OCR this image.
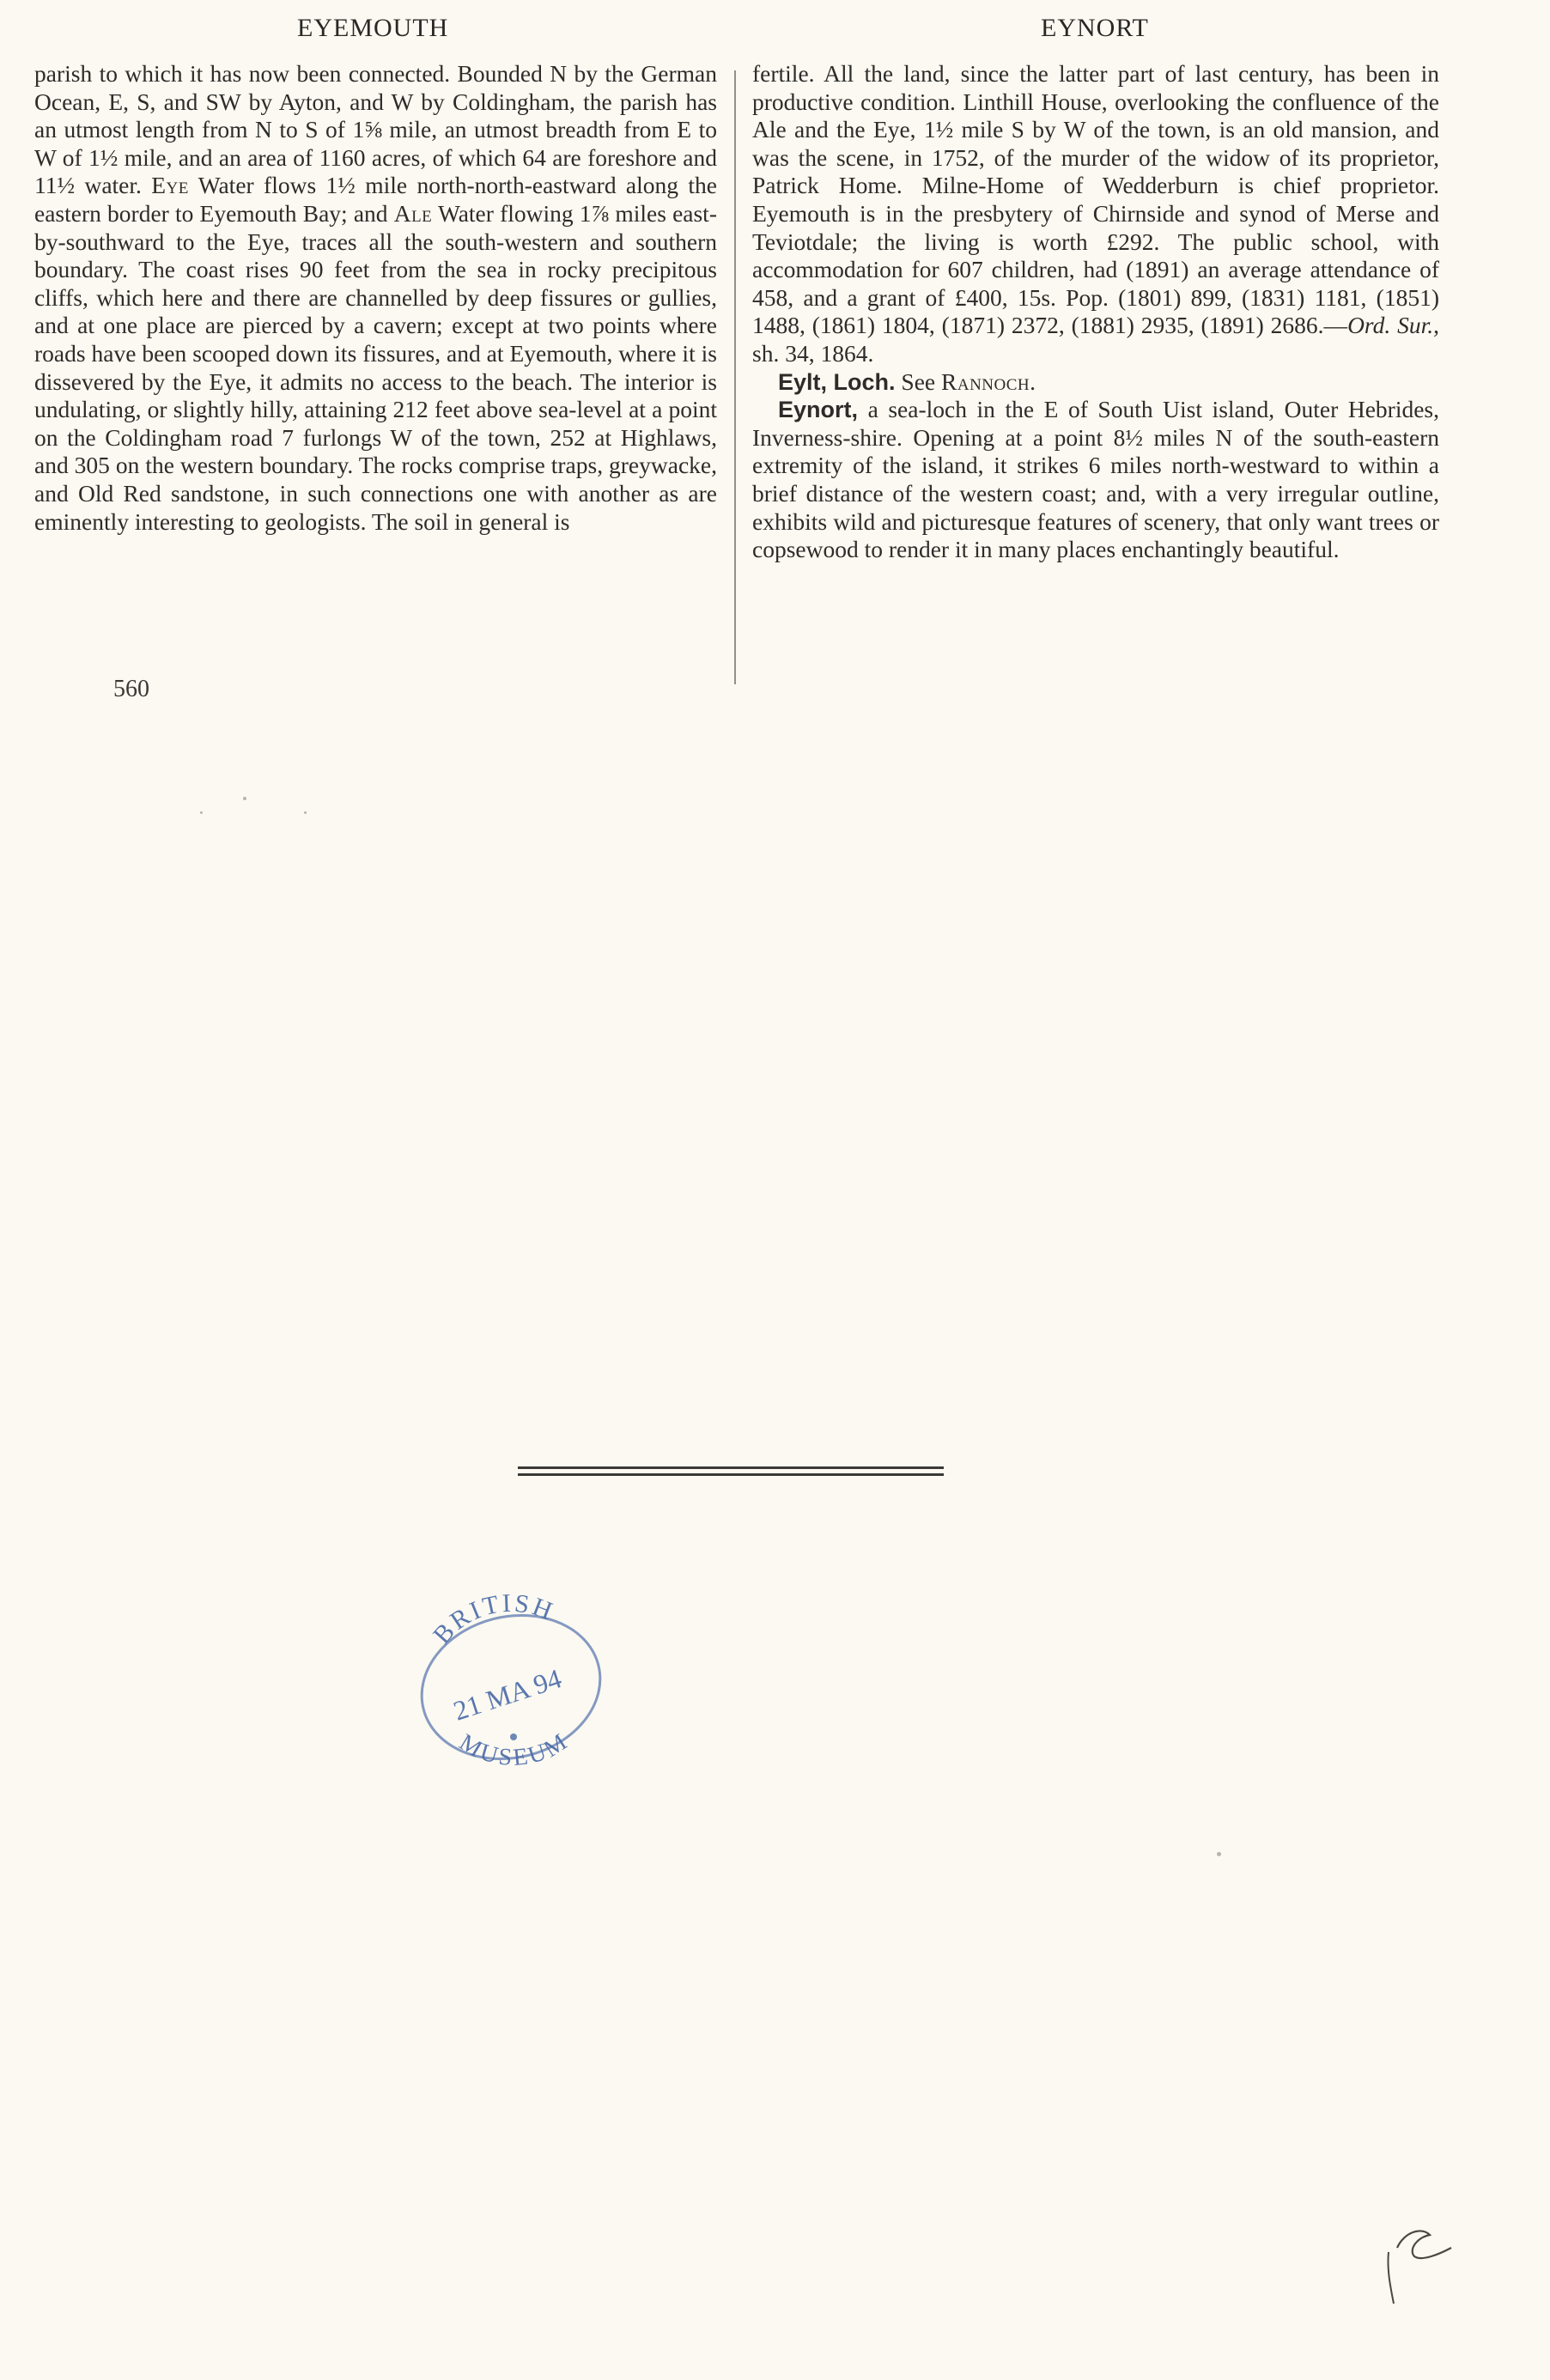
EYEMOUTH	EYNORT

parish to which it has now been connected. Bounded N by the German Ocean, E, S, and SW by Ayton, and W by Coldingham, the parish has an utmost length from N to S of 1⅝ mile, an utmost breadth from E to W of 1½ mile, and an area of 1160 acres, of which 64 are foreshore and 11½ water. Eye Water flows 1½ mile north-north-eastward along the eastern border to Eyemouth Bay; and Ale Water flowing 1⅞ miles east-by-southward to the Eye, traces all the south-western and southern boundary. The coast rises 90 feet from the sea in rocky precipitous cliffs, which here and there are channelled by deep fissures or gullies, and at one place are pierced by a cavern; except at two points where roads have been scooped down its fissures, and at Eyemouth, where it is dissevered by the Eye, it admits no access to the beach. The interior is undulating, or slightly hilly, attaining 212 feet above sea-level at a point on the Coldingham road 7 furlongs W of the town, 252 at Highlaws, and 305 on the western boundary. The rocks comprise traps, greywacke, and Old Red sandstone, in such connections one with another as are eminently interesting to geologists. The soil in general is

560

fertile. All the land, since the latter part of last century, has been in productive condition. Linthill House, overlooking the confluence of the Ale and the Eye, 1½ mile S by W of the town, is an old mansion, and was the scene, in 1752, of the murder of the widow of its proprietor, Patrick Home. Milne-Home of Wedderburn is chief proprietor. Eyemouth is in the presbytery of Chirnside and synod of Merse and Teviotdale; the living is worth £292. The public school, with accommodation for 607 children, had (1891) an average attendance of 458, and a grant of £400, 15s. Pop. (1801) 899, (1831) 1181, (1851) 1488, (1861) 1804, (1871) 2372, (1881) 2935, (1891) 2686.—Ord. Sur., sh. 34, 1864.

Eylt, Loch. See Rannoch.

Eynort, a sea-loch in the E of South Uist island, Outer Hebrides, Inverness-shire. Opening at a point 8½ miles N of the south-eastern extremity of the island, it strikes 6 miles north-westward to within a brief distance of the western coast; and, with a very irregular outline, exhibits wild and picturesque features of scenery, that only want trees or copsewood to render it in many places enchantingly beautiful.

BRITISH
21 MA 94
MUSEUM
